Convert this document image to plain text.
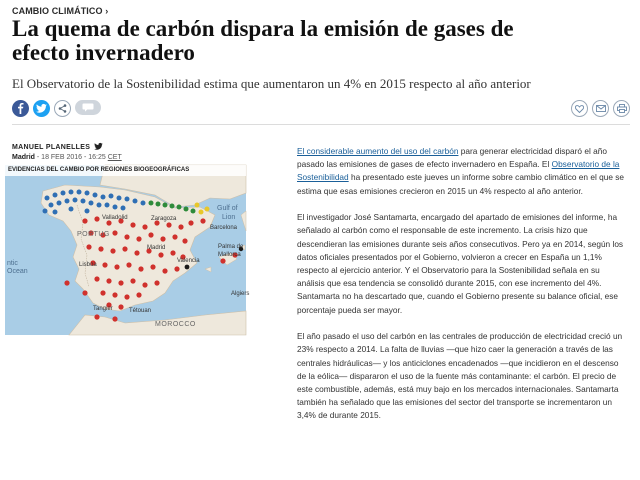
CAMBIO CLIMÁTICO ›
La quema de carbón dispara la emisión de gases de efecto invernadero

El Observatorio de la Sostenibilidad estima que aumentaron un 4% en 2015 respecto al año anterior

MANUEL PLANELLES
Madrid - 18 FEB 2016 - 16:25 CET
EVIDENCIAS DEL CAMBIO POR REGIONES BIOGEOGRÁFICAS
Valladolid	Zaragoza
Gulf of
Lion
Barcelona
PORTUG
Lisboa
Madrid
Valencia
Palma de
Mallorca
ntic
Ocean
Tangier	Tétouan
Algiers
MOROCCO

El considerable aumento del uso del carbón para generar electricidad disparó el año pasado las emisiones de gases de efecto invernadero en España. El Observatorio de la Sostenibilidad ha presentado este jueves un informe sobre cambio climático en el que se estima que esas emisiones crecieron en 2015 un 4% respecto al año anterior.

El investigador José Santamarta, encargado del apartado de emisiones del informe, ha señalado al carbón como el responsable de este incremento. La crisis hizo que descendieran las emisiones durante seis años consecutivos. Pero ya en 2014, según los datos oficiales presentados por el Gobierno, volvieron a crecer en España un 1,1% respecto al ejercicio anterior. Y el Observatorio para la Sostenibilidad señala en su análisis que esa tendencia se consolidó durante 2015, con ese incremento del 4%. Santamarta no ha descartado que, cuando el Gobierno presente su balance oficial, ese porcentaje pueda ser mayor.

El año pasado el uso del carbón en las centrales de producción de electricidad creció un 23% respecto a 2014. La falta de lluvias —que hizo caer la generación a través de las centrales hidráulicas— y los anticiclones encadenados —que incidieron en el descenso de la eólica— dispararon el uso de la fuente más contaminante: el carbón. El precio de este combustible, además, está muy bajo en los mercados internacionales. Santamarta también ha señalado que las emisiones del sector del transporte se incrementaron un 3,4% de durante 2015.
